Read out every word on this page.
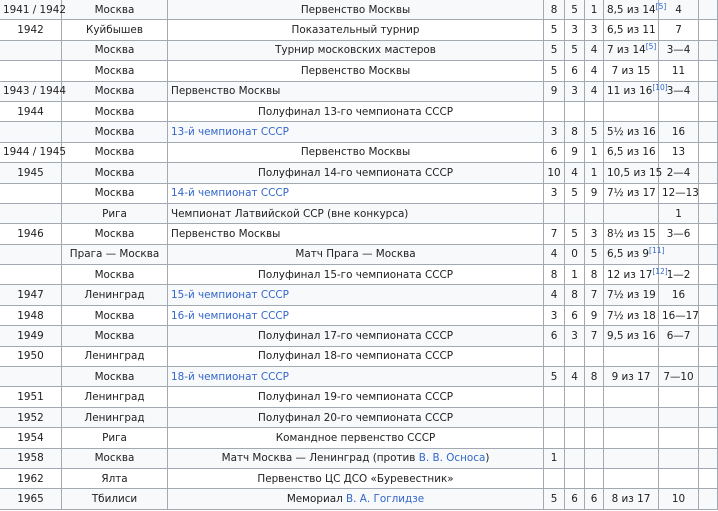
1941 / 1942	Москва	Первенство Москвы	8	5	1	8,5 из 14[5]	4	
1942	Куйбышев	Показательный турнир	5	3	3	6,5 из 11	7	
	Москва	Турнир московских мастеров	5	5	4	7 из 14[5]	3—4	
	Москва	Первенство Москвы	5	6	4	7 из 15	11	
1943 / 1944	Москва	Первенство Москвы	9	3	4	11 из 16[10]	3—4	
1944	Москва	Полуфинал 13-го чемпионата СССР						
	Москва	13-й чемпионат СССР	3	8	5	5½ из 16	16	
1944 / 1945	Москва	Первенство Москвы	6	9	1	6,5 из 16	13	
1945	Москва	Полуфинал 14-го чемпионата СССР	10	4	1	10,5 из 15	2—4	
	Москва	14-й чемпионат СССР	3	5	9	7½ из 17	12—13	
	Рига	Чемпионат Латвийской ССР (вне конкурса)					1	
1946	Москва	Первенство Москвы	7	5	3	8½ из 15	3—6	
	Прага — Москва	Матч Прага — Москва	4	0	5	6,5 из 9[11]		
	Москва	Полуфинал 15-го чемпионата СССР	8	1	8	12 из 17[12]	1—2	
1947	Ленинград	15-й чемпионат СССР	4	8	7	7½ из 19	16	
1948	Москва	16-й чемпионат СССР	3	6	9	7½ из 18	16—17	
1949	Москва	Полуфинал 17-го чемпионата СССР	6	3	7	9,5 из 16	6—7	
1950	Ленинград	Полуфинал 18-го чемпионата СССР						
	Москва	18-й чемпионат СССР	5	4	8	9 из 17	7—10	
1951	Ленинград	Полуфинал 19-го чемпионата СССР						
1952	Ленинград	Полуфинал 20-го чемпионата СССР						
1954	Рига	Командное первенство СССР						
1958	Москва	Матч Москва — Ленинград (против В. В. Осноса)	1					
1962	Ялта	Первенство ЦС ДСО «Буревестник»						
1965	Тбилиси	Мемориал В. А. Гоглидзе	5	6	6	8 из 17	10	
